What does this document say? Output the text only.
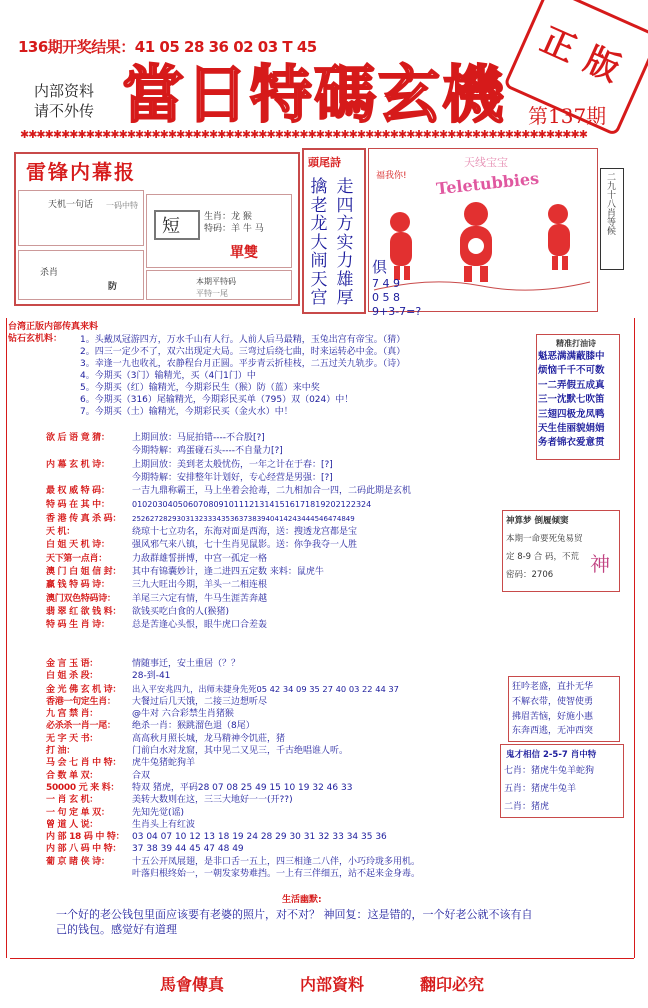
136期开奖结果：41 05 28 36 02 03 T 45	正版
内部资料
请不外传 當日特碼玄機 第137期
✱✱✱✱✱✱✱✱✱✱✱✱✱✱✱✱✱✱✱✱✱✱✱✱✱✱✱✱✱✱✱✱✱✱✱✱✱✱✱✱✱✱✱✱✱✱✱✱✱✱✱✱✱✱✱✱✱✱✱✱✱✱✱✱✱✱✱✱✱
雷锋内幕报
天机一句话 一码中特
杀肖
防
短	生肖：龙 猴
特码：羊 牛 马
單雙
本期平特码
平特一尾
頭尾詩
擒
老
龙
大
闹
天
宫
走
四
方
实
力
雄
厚
福我你!
天线宝宝
Teletubbies
俱
7 4 9
0 5 8
9+3-7=?
二九十八肖等候
台湾正版内部传真来料
钻石玄机料： 1。头戴凤冠游四方，万水千山有人行。人前人后马最精，玉兔出宫有帝宝。（猜）
2。四三一定少不了，双六出现定大局。三弯过后绕七曲，时来运转必中金。（真）
3。幸逢一九也收礼，农静程台月正圆。平步青云折桂枝，二五过关九轨步。（诗）
4。今期买（3门）输精光，买（4门1门）中
5。今期买（红）输精光，今期彩民生（猴）防（蓝）来中奖
6。今期买（316）尾输精光，今期彩民买单（795）双（024）中！
7。今期买（土）输精光，今期彩民买（金火水）中！
欲 后 语 竟 猜： 上期回放：马屁拍错----不合股[?]
今期特解：鸡蛋碰石头----不自量力[?]
内 幕 玄 机 诗： 上期回放：美到老太般忧伤，一年之计在于春：[?]
今期特解：安排整年计划好，专心经营是男强：[?]
最 权 威 特 码： 一吉九鼎称霸王，马上坐着会抢毒，二九相加合一四，二码此期是玄机
特 码 在 其 中：	01020304050607080910111213141516171819202122324
香 港 传 真 杀 码： 25262728293031323334353637383940414243444546474849
天 机：	绕琼十七立功名，东海对面是西海，送：搜透龙宫都是宝
白 姐 天 机 诗： 强风邪气来八镇，七十生肖见鼠影。送：你争我夺一人胜
天下第一点肖：	力敌群雄誓拼博，中宫一孤定一格
澳 门 白 姐 信 封： 其中有锦囊妙计，逢二进四五定数 来料：鼠虎牛
赢 钱 特 码 诗： 三九大旺出今期，羊头一二相连根
澳门双色特码诗： 羊尾三六定有情，牛马生涯苦奔越
翡 翠 红 欲 钱 料： 欲钱买吃白食的人(猴猪)
特 码 生 肖 诗： 总是苦逢心头恨，眼牛虎口合差轰
金 言 玉 语：	情随事迁，安土重居（？？
白 姐 杀 段：	28-到-41
金 光 佛 玄 机 诗： 出入平安兆四九，出师未捷身先死05 42 34 09 35 27 40 03 22 44 37
香港一句定生肖： 大餐过后几天饿，二接三边想听尽
九 宫 禁 肖：	@牛对 六合彩禁生肖猪猴
必杀杀一肖一尾： 绝杀一肖：猴跳溜色退（8尾）
无 字 天 书：	高高秋月照长城，龙马精神令饥莊，猪
打 油：	门前白水对龙窟，其中见二又见三，千古绝唱谁人听。
马 会 七 肖 中 特： 虎牛兔猪蛇狗羊
合 数 单 双：	合双
50000 元 来 料： 特双 猪虎，平码28 07 08 25 49 15 10 19 32 46 33
一 肖 玄 机：	美转大数则在这，三三大地好一一(开??)
一 句 定 单 双： 先知先觉(谣)
曾 道 人 说：	生肖头上有红波
内 部 18 码 中 特： 03 04 07 10 12 13 18 19 24 28 29 30 31 32 33 34 35 36
内 部 八 码 中 特： 37 38 39 44 45 47 48 49
葡 京 睹 侠 诗： 十五公开凤展翅，是非口舌一五上，四三相逢二八伴，小巧玲珑多用机。
叶落归根终始一，一朝发家势难挡。一上有三伴细五，站不起来金身毒。
生活幽默:
一个好的老公钱包里面应该要有老婆的照片，对不对？ 神回复：这是错的，一个好老公就不该有自
己的钱包。感觉好有道理
精准打油诗
魁恶满满蔽膝中
烦恼千千不可数
一二弄假五成真
三一沈默七吹笛
三翅四极龙凤鸭
天生佳丽貌娟娟
务者锦衣爱意贯
神算梦 倒履倾窦
本期一命要死兔易贸
定 8-9 合 码，不荒
密码：2706 神
狂吟老盛，直扑无华
不解衣带，使智使勇
拂眉苦恼，好施小惠
东奔西逃，无冲西突
鬼才相信 2-5-7 肖中特
七肖：猪虎牛兔羊蛇狗
五肖：猪虎牛兔羊
二肖：猪虎
馬會傳真	内部資料	翻印必究
